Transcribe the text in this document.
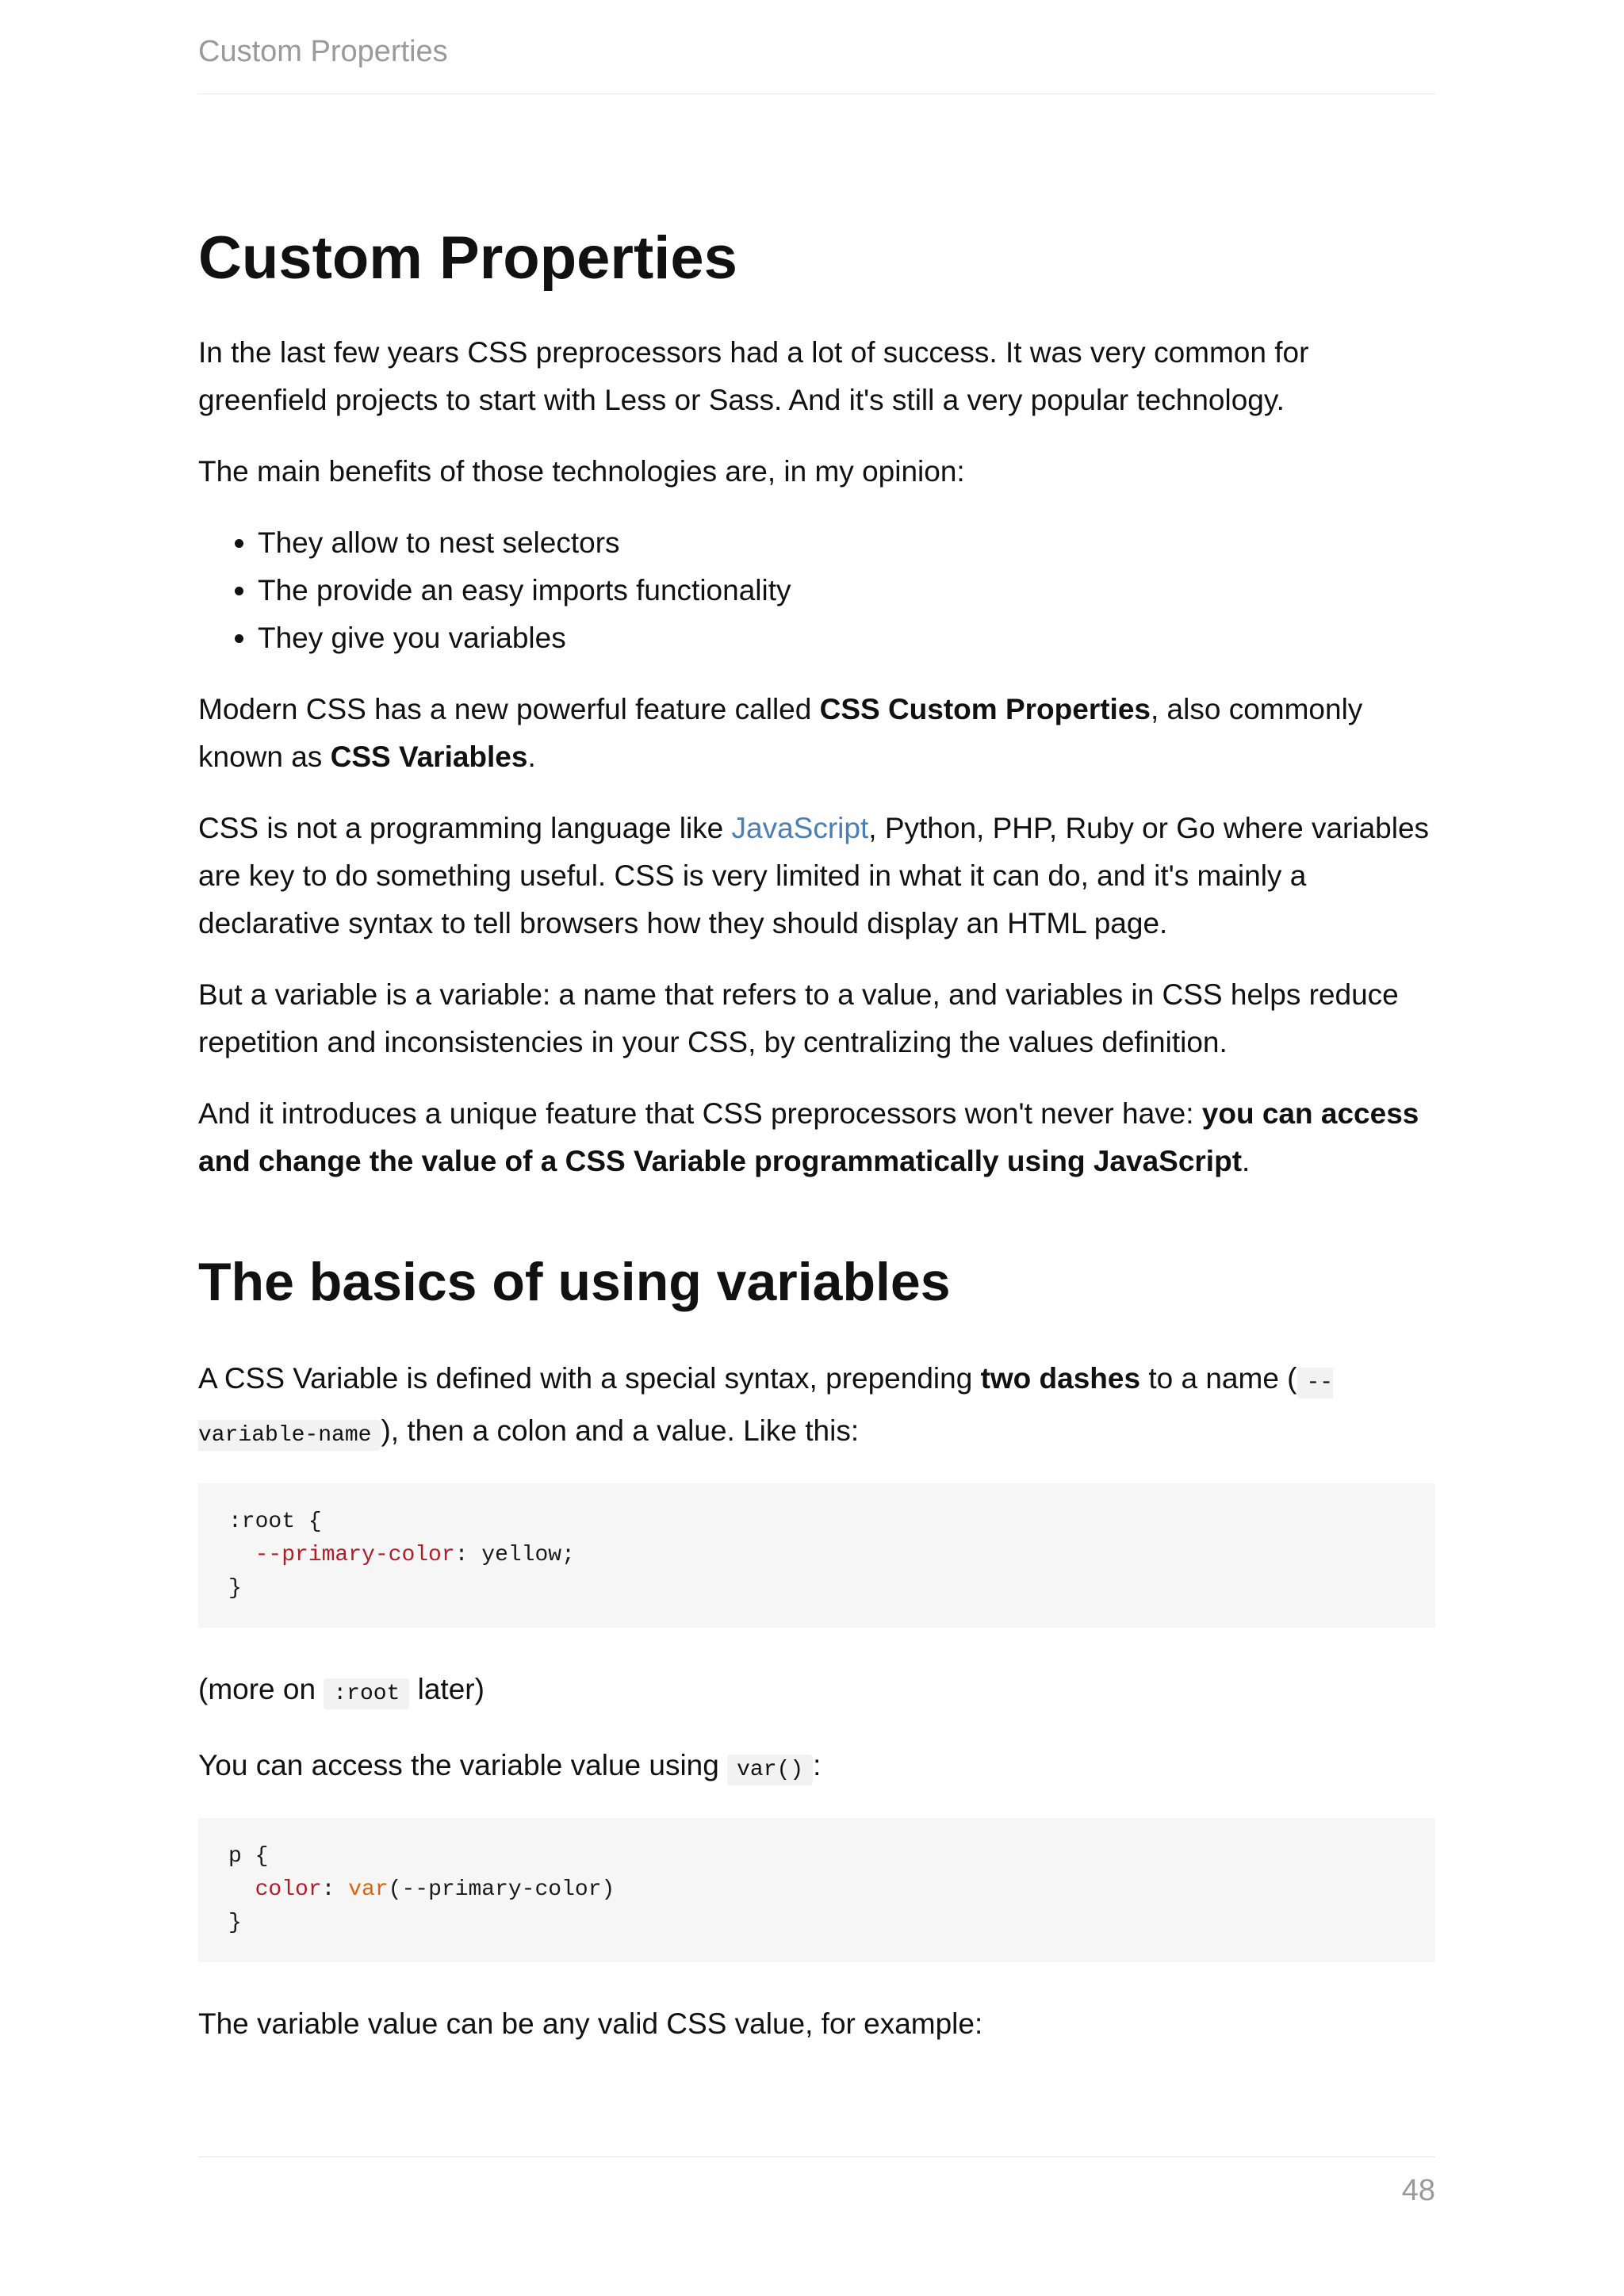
Custom Properties
Custom Properties

In the last few years CSS preprocessors had a lot of success. It was very common for greenfield projects to start with Less or Sass. And it's still a very popular technology.

The main benefits of those technologies are, in my opinion:

• They allow to nest selectors
• The provide an easy imports functionality
• They give you variables

Modern CSS has a new powerful feature called CSS Custom Properties, also commonly known as CSS Variables.

CSS is not a programming language like JavaScript, Python, PHP, Ruby or Go where variables are key to do something useful. CSS is very limited in what it can do, and it's mainly a declarative syntax to tell browsers how they should display an HTML page.

But a variable is a variable: a name that refers to a value, and variables in CSS helps reduce repetition and inconsistencies in your CSS, by centralizing the values definition.

And it introduces a unique feature that CSS preprocessors won't never have: you can access and change the value of a CSS Variable programmatically using JavaScript.

The basics of using variables

A CSS Variable is defined with a special syntax, prepending two dashes to a name ( --variable-name ), then a colon and a value. Like this:

:root {
--primary-color: yellow;
}

(more on :root later)

You can access the variable value using var() :

p {
color: var(--primary-color)
}

The variable value can be any valid CSS value, for example:

48
